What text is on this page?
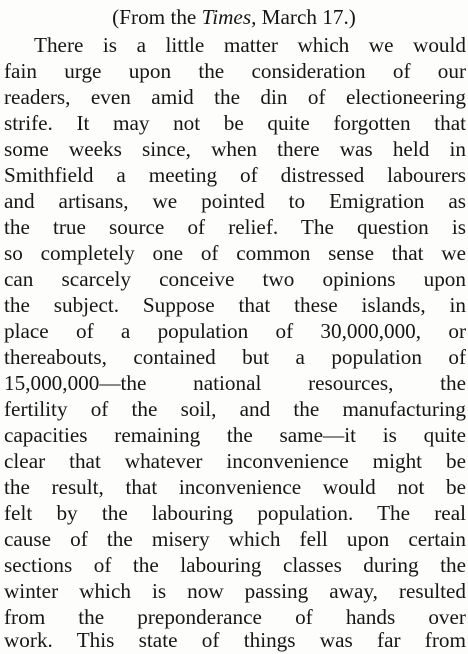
(From the Times, March 17.)
There is a little matter which we would
fain urge upon the consideration of our
readers, even amid the din of electioneering
strife. It may not be quite forgotten that
some weeks since, when there was held in
Smithfield a meeting of distressed labourers
and artisans, we pointed to Emigration as
the true source of relief. The question is
so completely one of common sense that we
can scarcely conceive two opinions upon
the subject. Suppose that these islands, in
place of a population of 30,000,000, or
thereabouts, contained but a population of
15,000,000—the national resources, the
fertility of the soil, and the manufacturing
capacities remaining the same—it is quite
clear that whatever inconvenience might be
the result, that inconvenience would not be
felt by the labouring population. The real
cause of the misery which fell upon certain
sections of the labouring classes during the
winter which is now passing away, resulted
from the preponderance of hands over
work. This state of things was far from
